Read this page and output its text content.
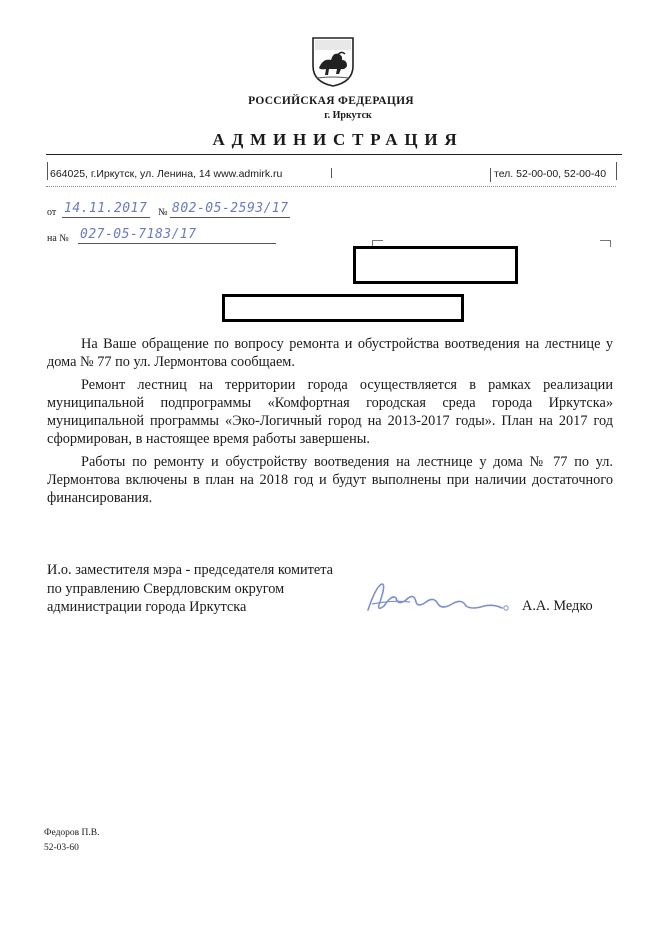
РОССИЙСКАЯ ФЕДЕРАЦИЯ
г. Иркутск
АДМИНИСТРАЦИЯ
664025, г.Иркутск, ул. Ленина, 14 www.admirk.ru	тел. 52-00-00, 52-00-40
от 14.11.2017 № 802-05-2593/17
на № 027-05-7183/17

На Ваше обращение по вопросу ремонта и обустройства воотведения на лестнице у дома № 77 по ул. Лермонтова сообщаем.

Ремонт лестниц на территории города осуществляется в рамках реализации муниципальной подпрограммы «Комфортная городская среда города Иркутска» муниципальной программы «Эко-Логичный город на 2013-2017 годы». План на 2017 год сформирован, в настоящее время работы завершены.

Работы по ремонту и обустройству воотведения на лестнице у дома № 77 по ул. Лермонтова включены в план на 2018 год и будут выполнены при наличии достаточного финансирования.

И.о. заместителя мэра - председателя комитета
по управлению Свердловским округом
администрации города Иркутска	А.А. Медко
Федоров П.В.
52-03-60
